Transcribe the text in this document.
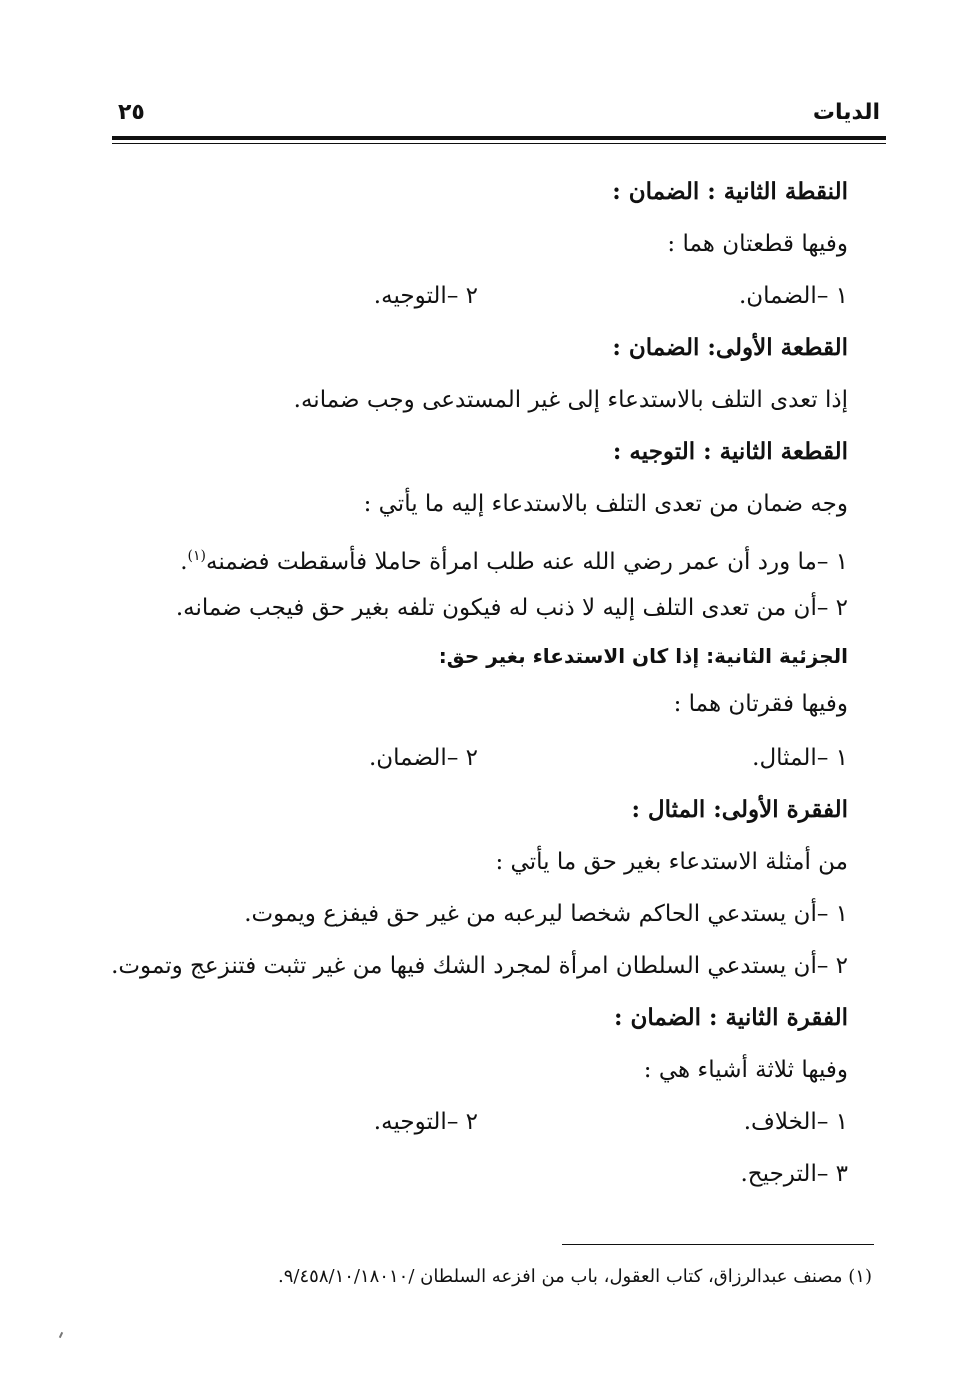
الديات
٢٥
النقطة الثانية : الضمان :
وفيها قطعتان هما :
١ –الضمان.
٢ –التوجيه.
القطعة الأولى: الضمان :
إذا تعدى التلف بالاستدعاء إلى غير المستدعى وجب ضمانه.
القطعة الثانية : التوجيه :
وجه ضمان من تعدى التلف بالاستدعاء إليه ما يأتي :
١ –ما ورد أن عمر رضي الله عنه طلب امرأة حاملا فأسقطت فضمنه$^{(١)}$.
٢ –أن من تعدى التلف إليه لا ذنب له فيكون تلفه بغير حق فيجب ضمانه.
الجزئية الثانية: إذا كان الاستدعاء بغير حق:
وفيها فقرتان هما :
١ –المثال.
٢ –الضمان.
الفقرة الأولى: المثال :
من أمثلة الاستدعاء بغير حق ما يأتي :
١ –أن يستدعي الحاكم شخصا ليرعبه من غير حق فيفزع ويموت.
٢ –أن يستدعي السلطان امرأة لمجرد الشك فيها من غير تثبت فتنزعج وتموت.
الفقرة الثانية : الضمان :
وفيها ثلاثة أشياء هي :
١ –الخلاف.
٢ –التوجيه.
٣ –الترجيح.
(١) مصنف عبدالرزاق، كتاب العقول، باب من افزعه السلطان /٩/٤٥٨/١٠/١٨٠١٠.
